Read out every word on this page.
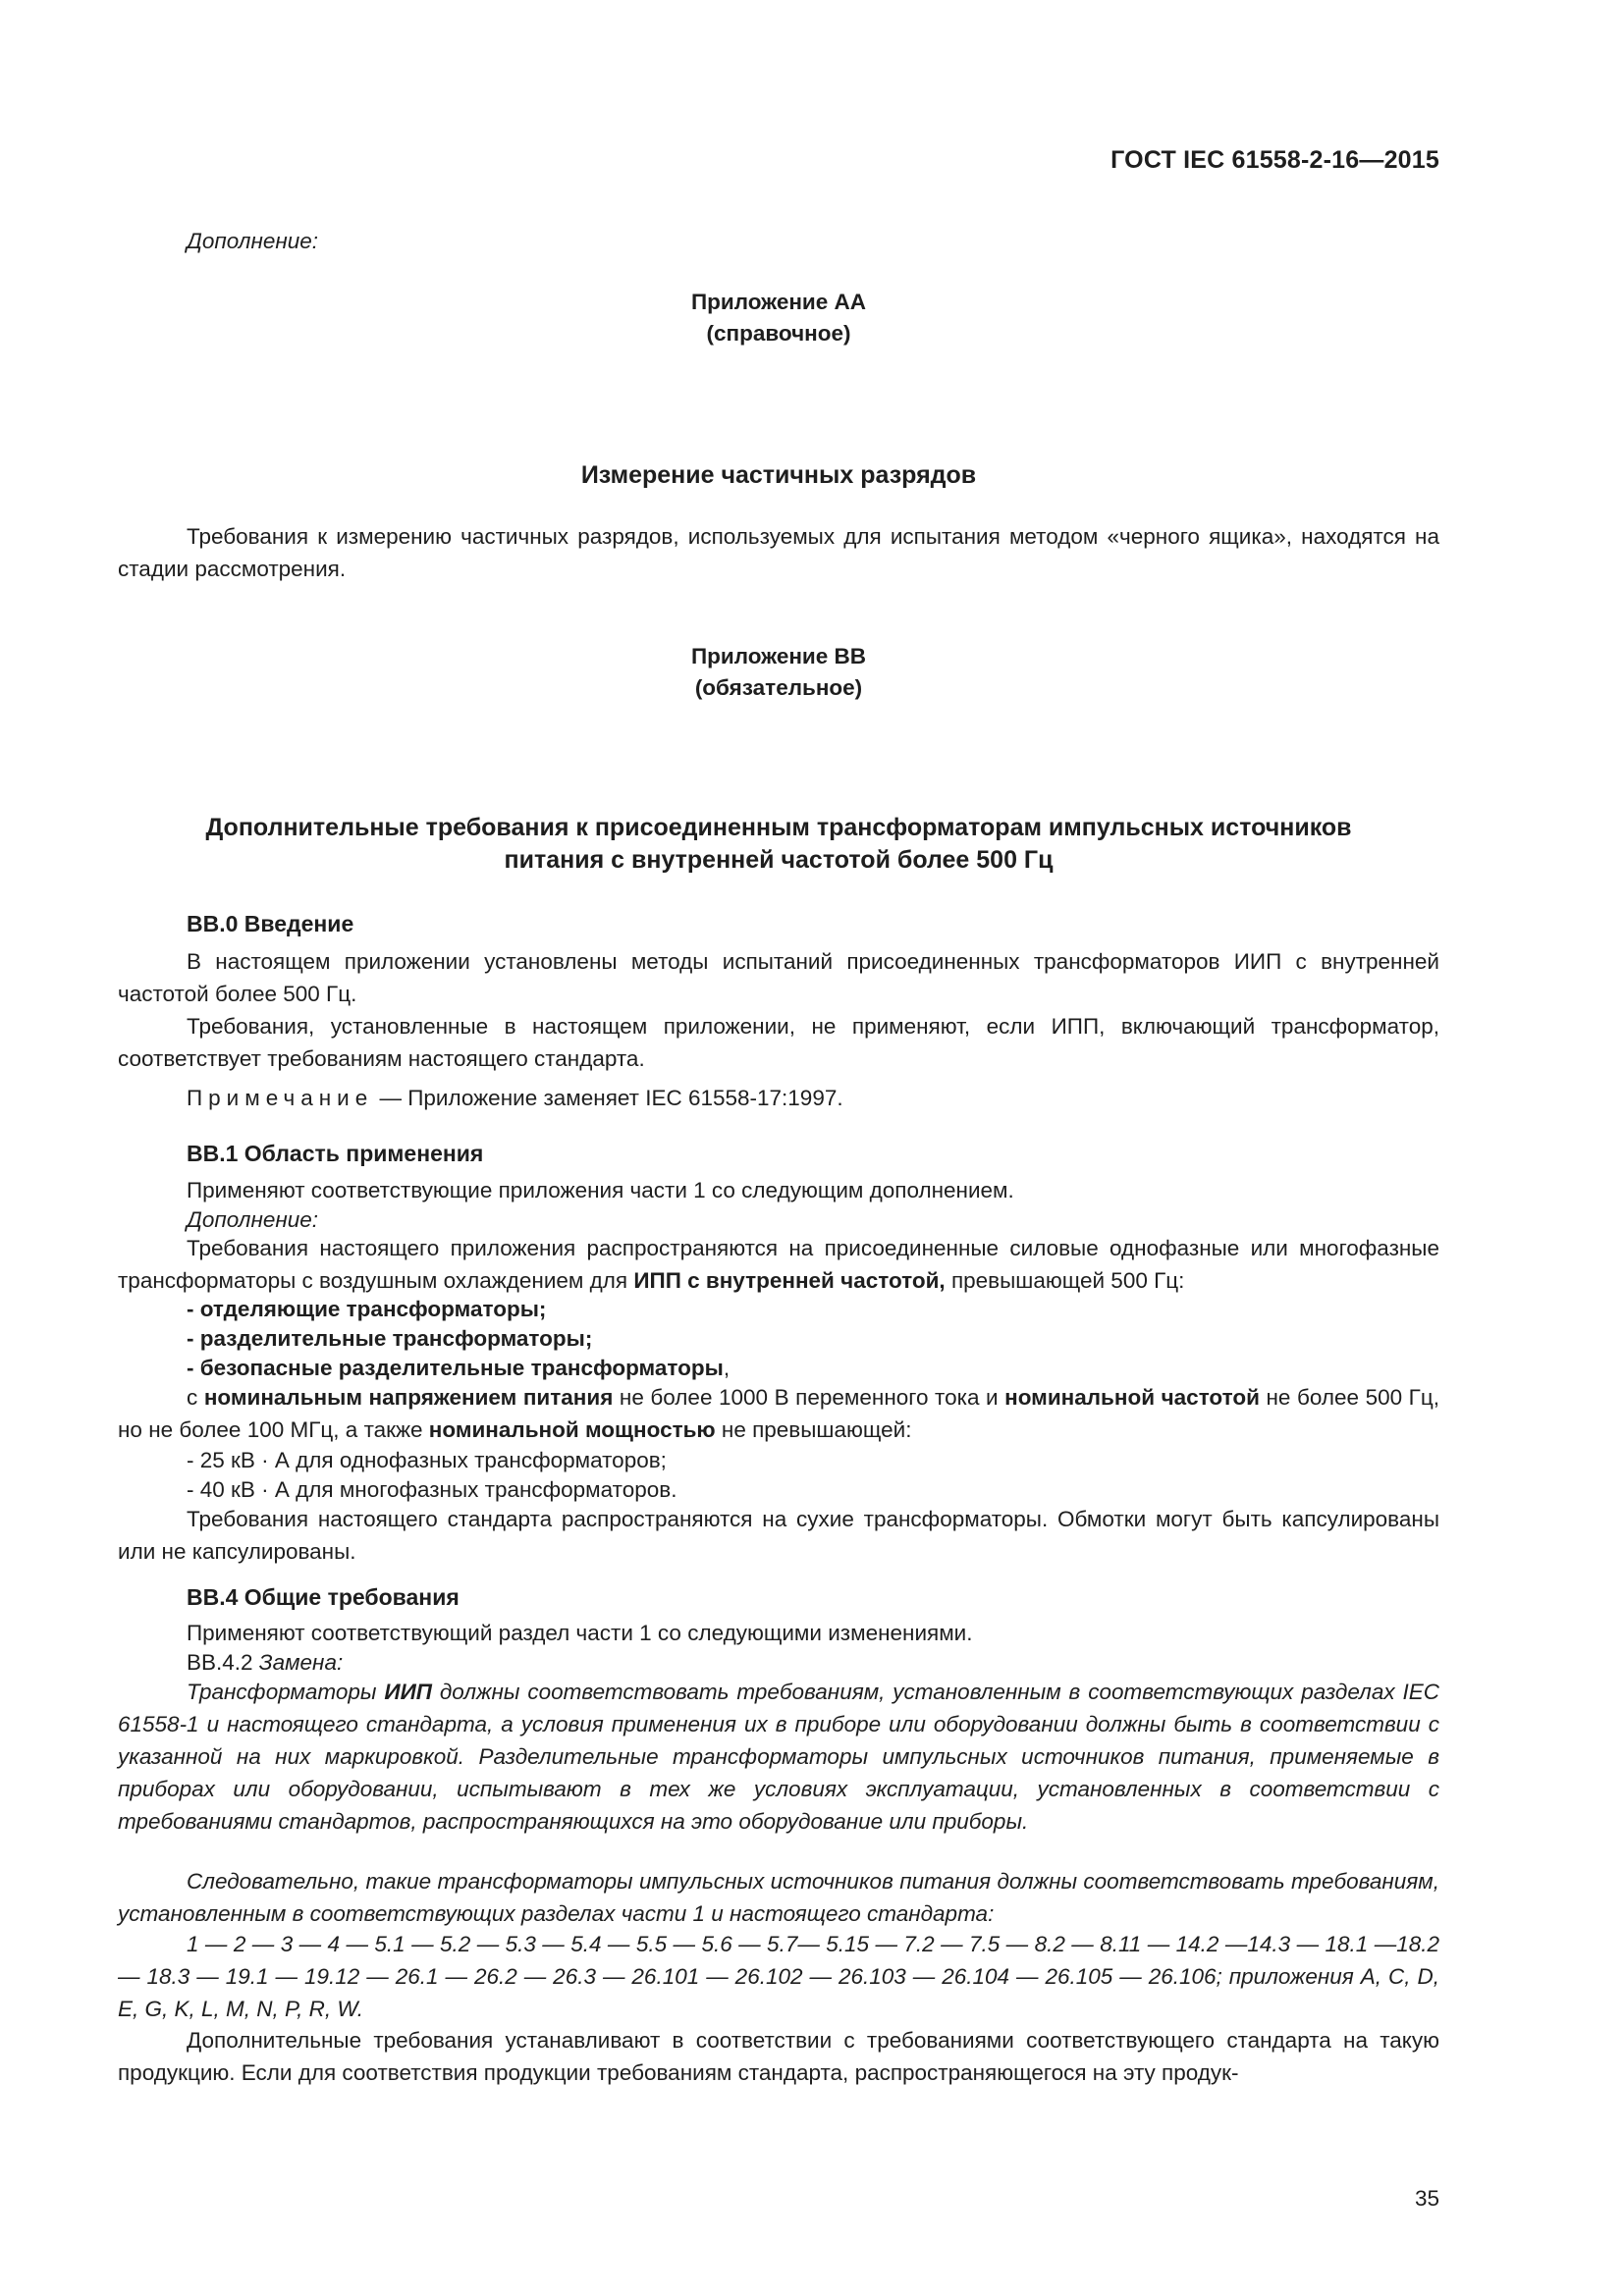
ГОСТ IEC 61558-2-16—2015
Дополнение:
Приложение АА
(справочное)
Измерение частичных разрядов

Требования к измерению частичных разрядов, используемых для испытания методом «черного ящика», находятся на стадии рассмотрения.

Приложение ВВ
(обязательное)
Дополнительные требования к присоединенным трансформаторам импульсных источников
питания с внутренней частотой более 500 Гц
ВВ.0 Введение

В настоящем приложении установлены методы испытаний присоединенных трансформаторов ИИП с внутренней частотой более 500 Гц.

Требования, установленные в настоящем приложении, не применяют, если ИПП, включающий трансформатор, соответствует требованиям настоящего стандарта.

Примечание — Приложение заменяет IEC 61558-17:1997.

ВВ.1 Область применения

Применяют соответствующие приложения части 1 со следующим дополнением.

Дополнение:

Требования настоящего приложения распространяются на присоединенные силовые однофазные или многофазные трансформаторы с воздушным охлаждением для ИПП с внутренней частотой, превышающей 500 Гц:

- отделяющие трансформаторы;

- разделительные трансформаторы;

- безопасные разделительные трансформаторы,

с номинальным напряжением питания не более 1000 В переменного тока и номинальной частотой не более 500 Гц, но не более 100 МГц, а также номинальной мощностью не превышающей:

- 25 кВ · А для однофазных трансформаторов;

- 40 кВ · А для многофазных трансформаторов.

Требования настоящего стандарта распространяются на сухие трансформаторы. Обмотки могут быть капсулированы или не капсулированы.

ВВ.4 Общие требования

Применяют соответствующий раздел части 1 со следующими изменениями.

ВВ.4.2 Замена:

Трансформаторы ИИП должны соответствовать требованиям, установленным в соответствующих разделах IEC 61558-1 и настоящего стандарта, а условия применения их в приборе или оборудовании должны быть в соответствии с указанной на них маркировкой. Разделительные трансформаторы импульсных источников питания, применяемые в приборах или оборудовании, испытывают в тех же условиях эксплуатации, установленных в соответствии с требованиями стандартов, распространяющихся на это оборудование или приборы.

Следовательно, такие трансформаторы импульсных источников питания должны соответствовать требованиям, установленным в соответствующих разделах части 1 и настоящего стандарта:

1 — 2 — 3 — 4 — 5.1 — 5.2 — 5.3 — 5.4 — 5.5 — 5.6 — 5.7— 5.15 — 7.2 — 7.5 — 8.2 — 8.11 — 14.2 —14.3 — 18.1 —18.2 — 18.3 — 19.1 — 19.12 — 26.1 — 26.2 — 26.3 — 26.101 — 26.102 — 26.103 — 26.104 — 26.105 — 26.106; приложения A, C, D, E, G, K, L, M, N, P, R, W.

Дополнительные требования устанавливают в соответствии с требованиями соответствующего стандарта на такую продукцию. Если для соответствия продукции требованиям стандарта, распространяющегося на эту продук-

35
